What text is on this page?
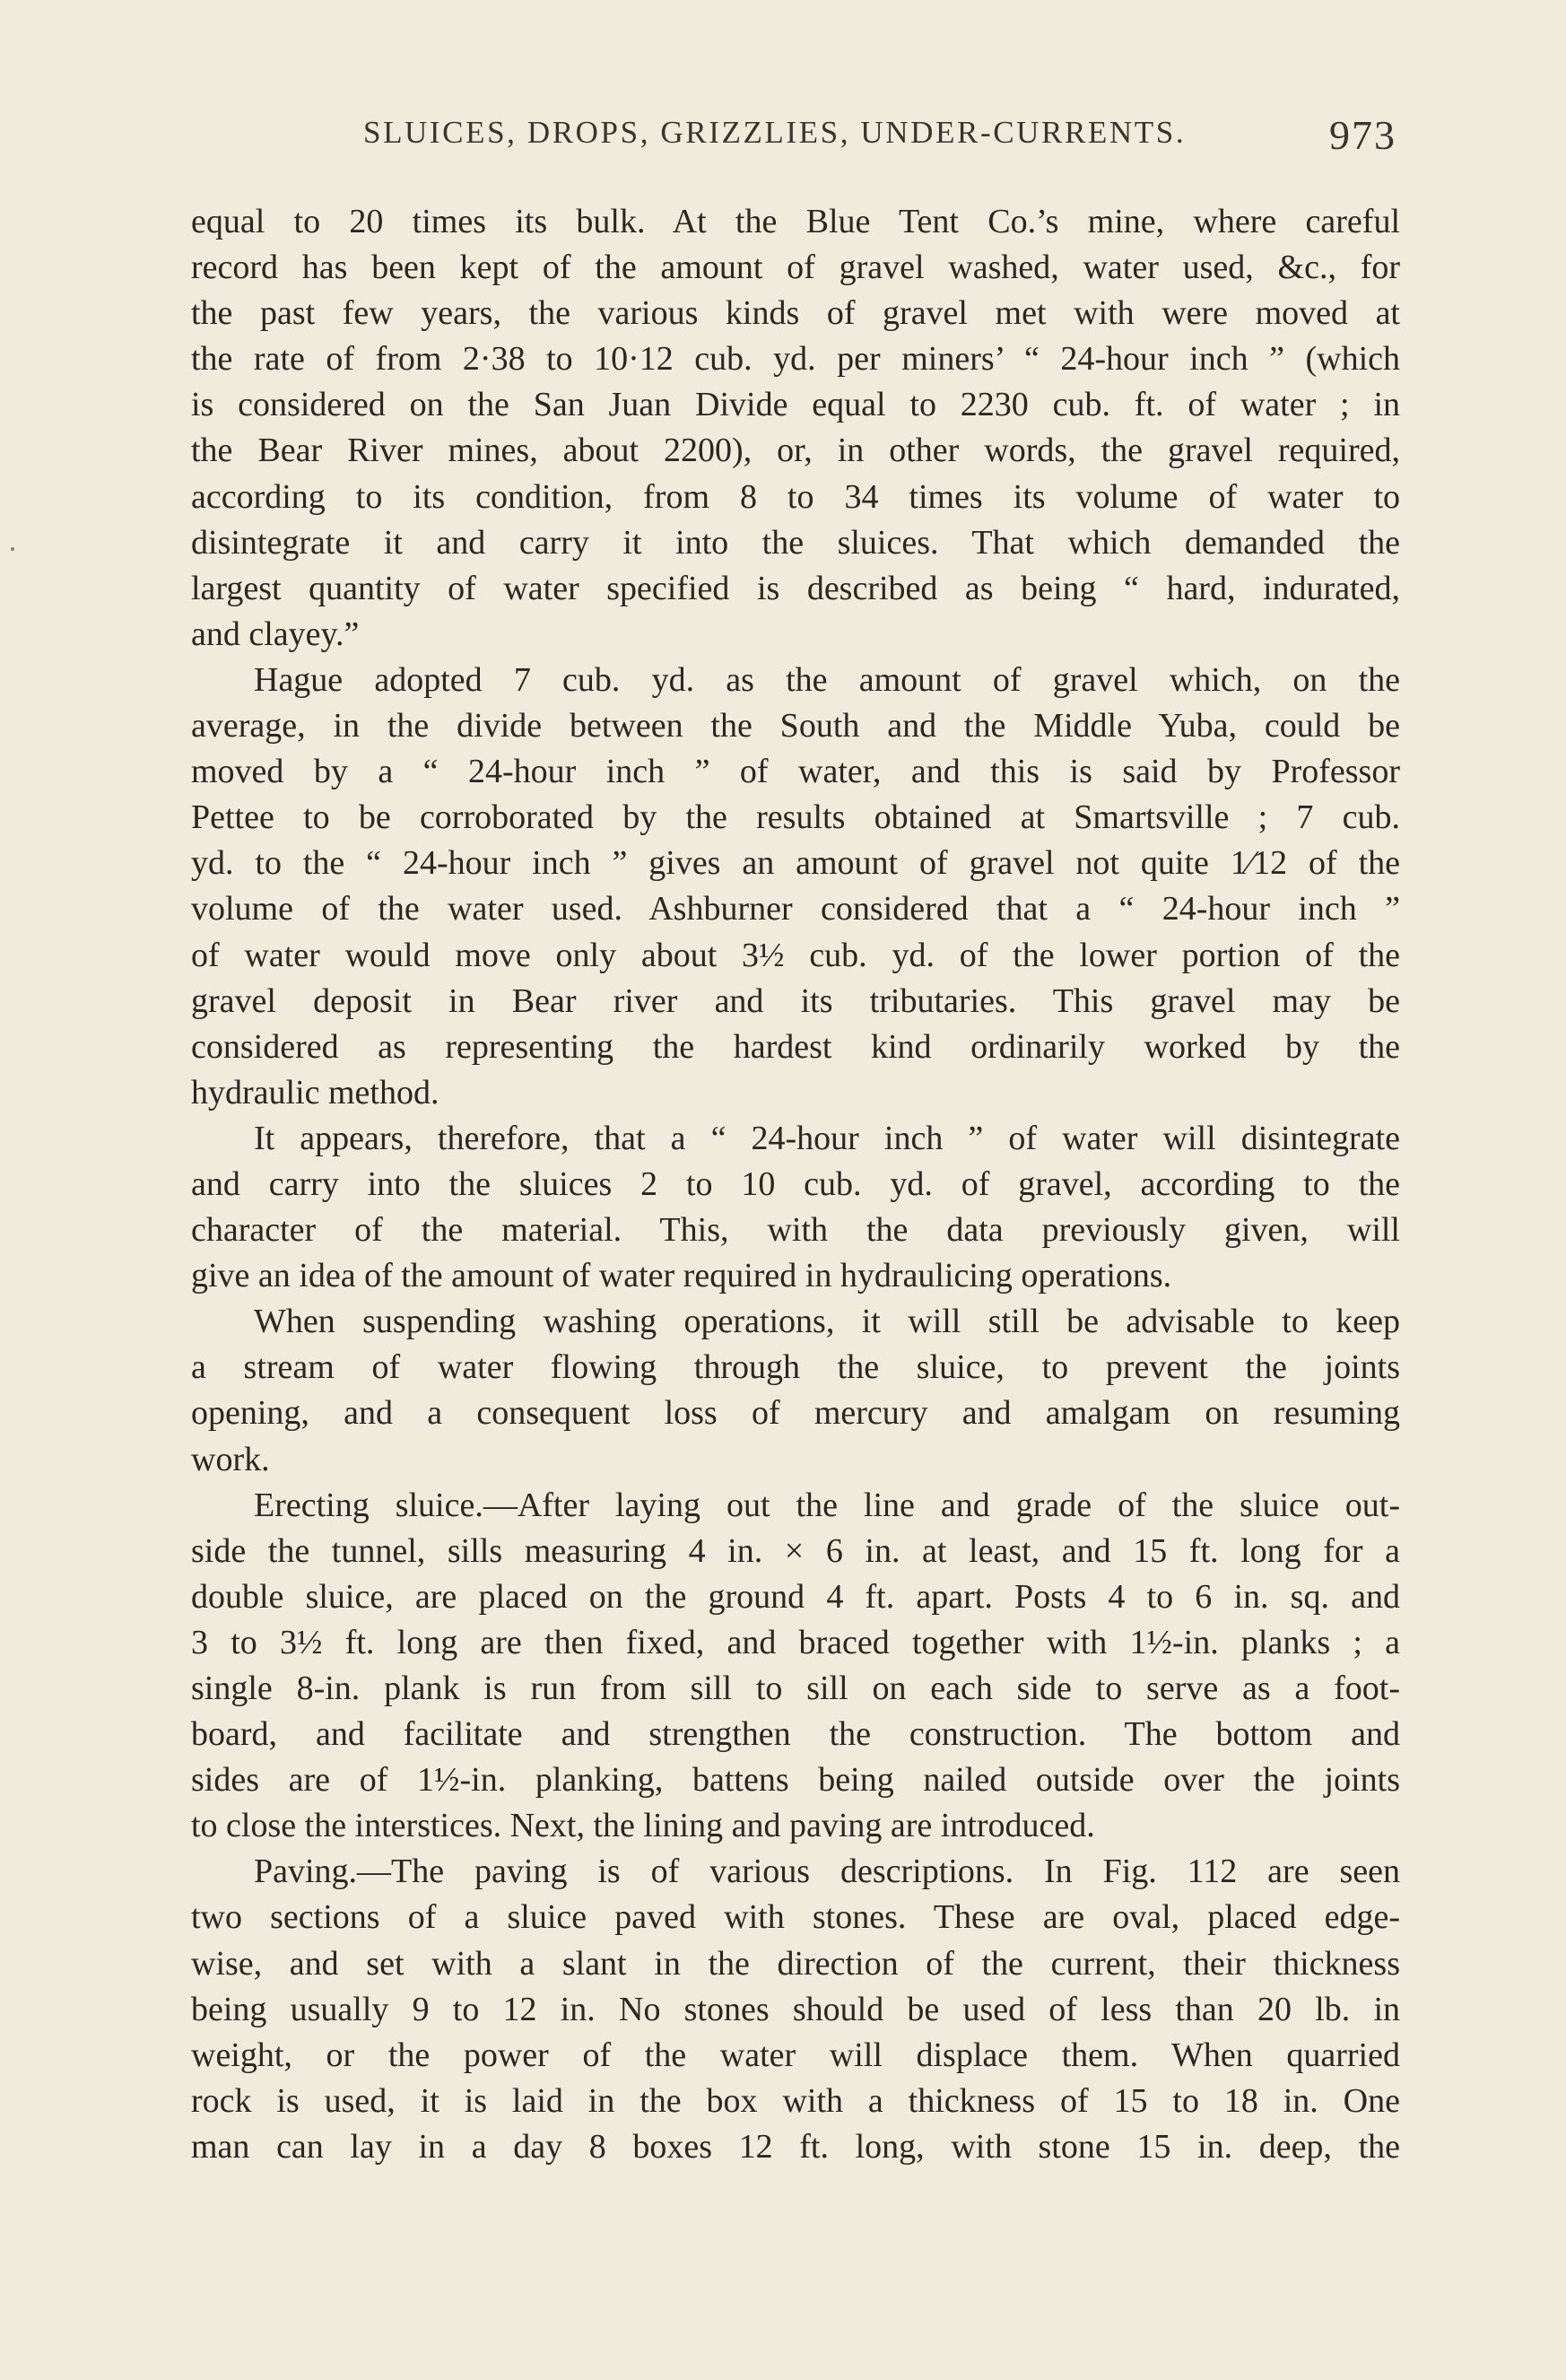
SLUICES, DROPS, GRIZZLIES, UNDER-CURRENTS.	973
equal to 20 times its bulk. At the Blue Tent Co.’s mine, where careful
record has been kept of the amount of gravel washed, water used, &c., for
the past few years, the various kinds of gravel met with were moved at
the rate of from 2·38 to 10·12 cub. yd. per miners’ “ 24-hour inch ” (which
is considered on the San Juan Divide equal to 2230 cub. ft. of water ; in
the Bear River mines, about 2200), or, in other words, the gravel required,
according to its condition, from 8 to 34 times its volume of water to
disintegrate it and carry it into the sluices. That which demanded the
largest quantity of water specified is described as being “ hard, indurated,
and clayey.”
Hague adopted 7 cub. yd. as the amount of gravel which, on the
average, in the divide between the South and the Middle Yuba, could be
moved by a “ 24-hour inch ” of water, and this is said by Professor
Pettee to be corroborated by the results obtained at Smartsville ; 7 cub.
yd. to the “ 24-hour inch ” gives an amount of gravel not quite 1⁄12 of the
volume of the water used. Ashburner considered that a “ 24-hour inch ”
of water would move only about 3½ cub. yd. of the lower portion of the
gravel deposit in Bear river and its tributaries. This gravel may be
considered as representing the hardest kind ordinarily worked by the
hydraulic method.
It appears, therefore, that a “ 24-hour inch ” of water will disintegrate
and carry into the sluices 2 to 10 cub. yd. of gravel, according to the
character of the material. This, with the data previously given, will
give an idea of the amount of water required in hydraulicing operations.
When suspending washing operations, it will still be advisable to keep
a stream of water flowing through the sluice, to prevent the joints
opening, and a consequent loss of mercury and amalgam on resuming
work.
Erecting sluice.—After laying out the line and grade of the sluice out-
side the tunnel, sills measuring 4 in. × 6 in. at least, and 15 ft. long for a
double sluice, are placed on the ground 4 ft. apart. Posts 4 to 6 in. sq. and
3 to 3½ ft. long are then fixed, and braced together with 1½-in. planks ; a
single 8-in. plank is run from sill to sill on each side to serve as a foot-
board, and facilitate and strengthen the construction. The bottom and
sides are of 1½-in. planking, battens being nailed outside over the joints
to close the interstices. Next, the lining and paving are introduced.
Paving.—The paving is of various descriptions. In Fig. 112 are seen
two sections of a sluice paved with stones. These are oval, placed edge-
wise, and set with a slant in the direction of the current, their thickness
being usually 9 to 12 in. No stones should be used of less than 20 lb. in
weight, or the power of the water will displace them. When quarried
rock is used, it is laid in the box with a thickness of 15 to 18 in. One
man can lay in a day 8 boxes 12 ft. long, with stone 15 in. deep, the
